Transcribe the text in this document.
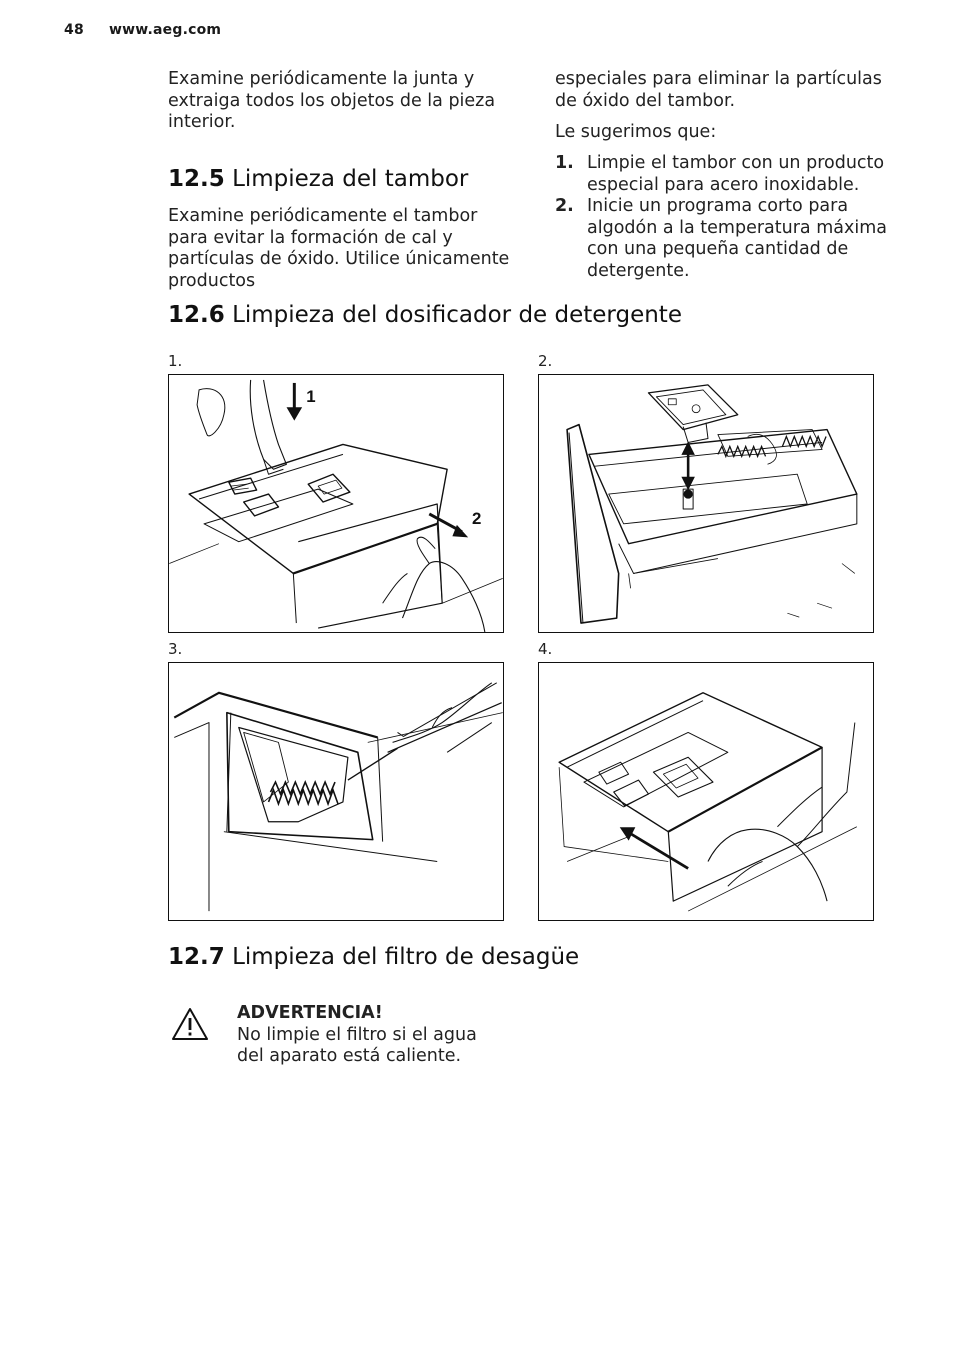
48 www.aeg.com
Examine periódicamente la junta y extraiga todos los objetos de la pieza interior.
12.5 Limpieza del tambor
Examine periódicamente el tambor para evitar la formación de cal y partículas de óxido. Utilice únicamente productos
especiales para eliminar la partículas de óxido del tambor.
Le sugerimos que:
1. Limpie el tambor con un producto especial para acero inoxidable.
2. Inicie un programa corto para algodón a la temperatura máxima con una pequeña cantidad de detergente.
12.6 Limpieza del dosificador de detergente
1.	2.
3.	4.
1
2
12.7 Limpieza del filtro de desagüe
ADVERTENCIA!
No limpie el filtro si el agua del aparato está caliente.
